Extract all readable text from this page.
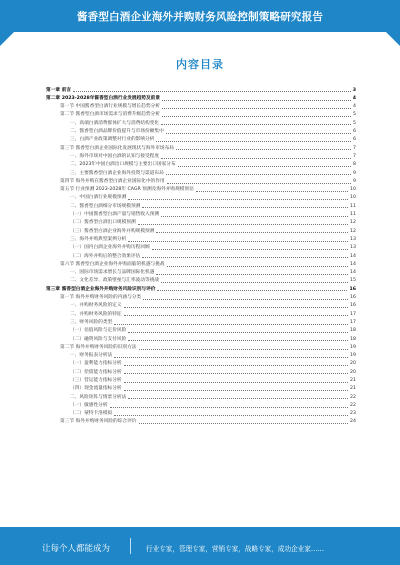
酱香型白酒企业海外并购财务风险控制策略研究报告
内容目录
第一章 前言	3
第二章 2023-2028年酱香型白酒行业发展趋势及前景	4
第一节 中国酱香型白酒行业规模与增长趋势分析	4
第二节 酱香型白酒市场需求与消费升级趋势分析	5
一、高端白酒消费群体扩大与消费结构变化	5
二、酱香型白酒品牌价值提升与市场份额集中	6
三、白酒产业政策调整对行业的影响分析	6
第三节 酱香型白酒企业国际化发展现状与海外市场布局	7
一、海外市场对中国白酒的认知与接受程度	7
二、2023年中国白酒出口规模与主要出口国家分布	8
三、主要酱香型白酒企业海外投资与渠道布局	9
第四节 海外并购在酱香型白酒企业国际化中的作用	9
第五节 行业预测 2023-2028年 CAGR 预测及海外并购规模预估	10
一、中国白酒行业规模预测	10
二、酱香型白酒细分市场规模预测	11
（一）中国酱香型白酒产量与销售收入预测	11
（二）酱香型白酒出口规模预测	12
（三）酱香型白酒企业海外并购规模预测	12
三、海外并购典型案例分析	13
（一）国内白酒企业海外并购历程回顾	13
（二）海外并购后的整合效果评估	14
第六节 酱香型白酒企业海外并购面临的机遇与挑战	14
一、国际市场需求增长与品牌国际化机遇	14
二、文化差异、政策壁垒与汇率波动等挑战	15
第三章 酱香型白酒企业海外并购财务风险识别与评价	16
第一节 海外并购财务风险的内涵与分类	16
一、并购财务风险的定义	16
二、并购财务风险的特征	17
三、财务风险的类型	17
（一）估值风险与定价风险	18
（二）融资风险与支付风险	18
第二节 海外并购财务风险的识别方法	19
一、财务报表分析法	19
（一）盈利能力指标分析	20
（二）偿债能力指标分析	20
（三）营运能力指标分析	21
（四）现金流量指标分析	21
二、风险矩阵与情景分析法	22
（一）敏感性分析	22
（二）蒙特卡洛模拟	23
第三节 海外并购财务风险的综合评价	24
让每个人都能成为	行业专家，管理专家，营销专家，战略专家，成功企业家……
